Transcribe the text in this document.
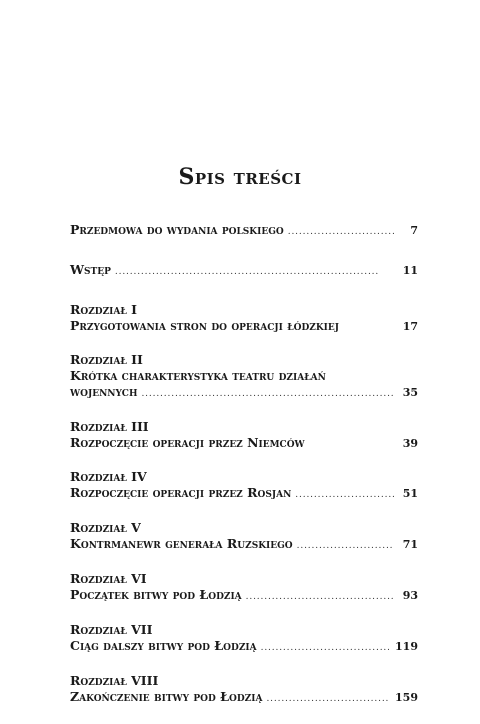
Spis treści
Przedmowa do wydania polskiego . . .	7
Wstęp . . .	11
Rozdział I
Przygotowania stron do operacji łódzkiej	17
Rozdział II
Krótka charakterystyka teatru działań
wojennych . . .	35
Rozdział III
Rozpoczęcie operacji przez Niemców	39
Rozdział IV
Rozpoczęcie operacji przez Rosjan . . .	51
Rozdział V
Kontrmanewr generała Ruzskiego . . .	71
Rozdział VI
Początek bitwy pod Łodzią . . .	93
Rozdział VII
Ciąg dalszy bitwy pod Łodzią . . .	119
Rozdział VIII
Zakończenie bitwy pod Łodzią . . .	159
